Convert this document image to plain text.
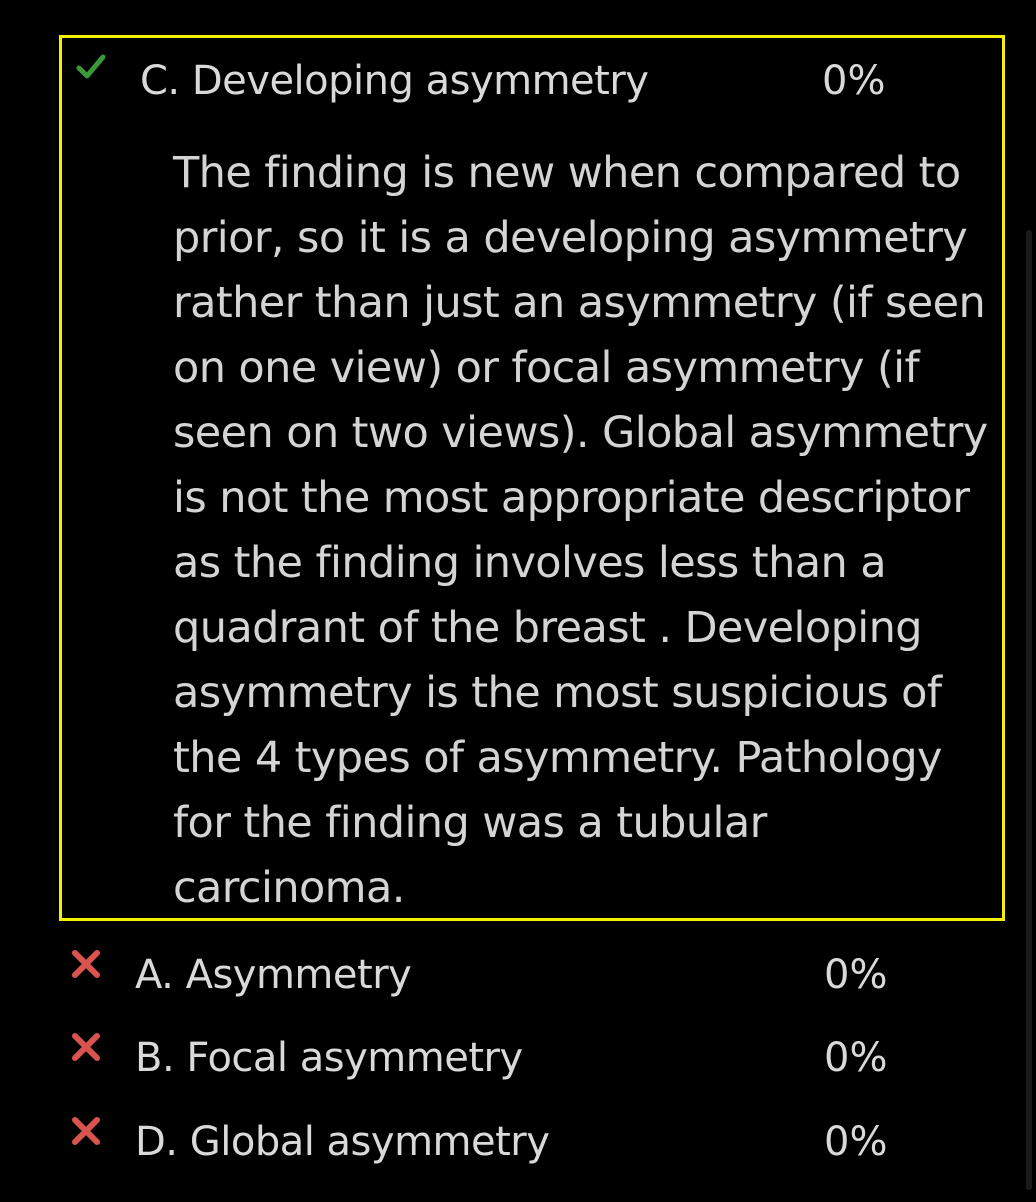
C. Developing asymmetry	0%
The finding is new when compared to prior, so it is a developing asymmetry rather than just an asymmetry (if seen on one view) or focal asymmetry (if seen on two views). Global asymmetry is not the most appropriate descriptor as the finding involves less than a quadrant of the breast . Developing asymmetry is the most suspicious of the 4 types of asymmetry. Pathology for the finding was a tubular carcinoma.
A. Asymmetry	0%
B. Focal asymmetry	0%
D. Global asymmetry	0%
